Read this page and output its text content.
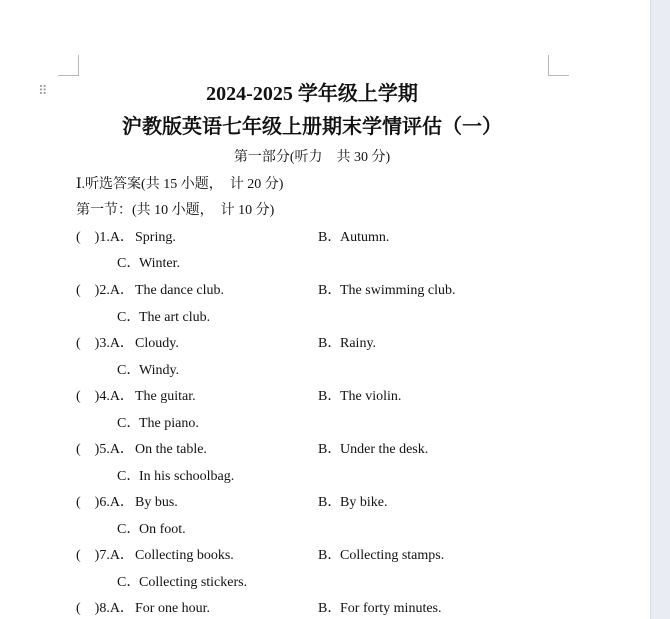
⠿	2024-2025 学年级上学期
沪教版英语七年级上册期末学情评估（一）
第一部分(听力　共 30 分)
Ⅰ.听选答案(共 15 小题，　计 20 分)
第一节：(共 10 小题，　计 10 分)
(　)1.A． Spring.	B．
Autumn.
C．
Winter.
(　)2.A． The dance club.	B．
The swimming club.
C．
The art club.
(　)3.A． Cloudy.	B．
Rainy.
C．
Windy.
(　)4.A． The guitar.	B．
The violin.
C．
The piano.
(　)5.A． On the table.	B．
Under the desk.
C．
In his schoolbag.
(　)6.A． By bus.	B．
By bike.
C．
On foot.
(　)7.A． Collecting books.	B．
Collecting stamps.
C．
Collecting stickers.
(　)8.A． For one hour.	B．
For forty minutes.
